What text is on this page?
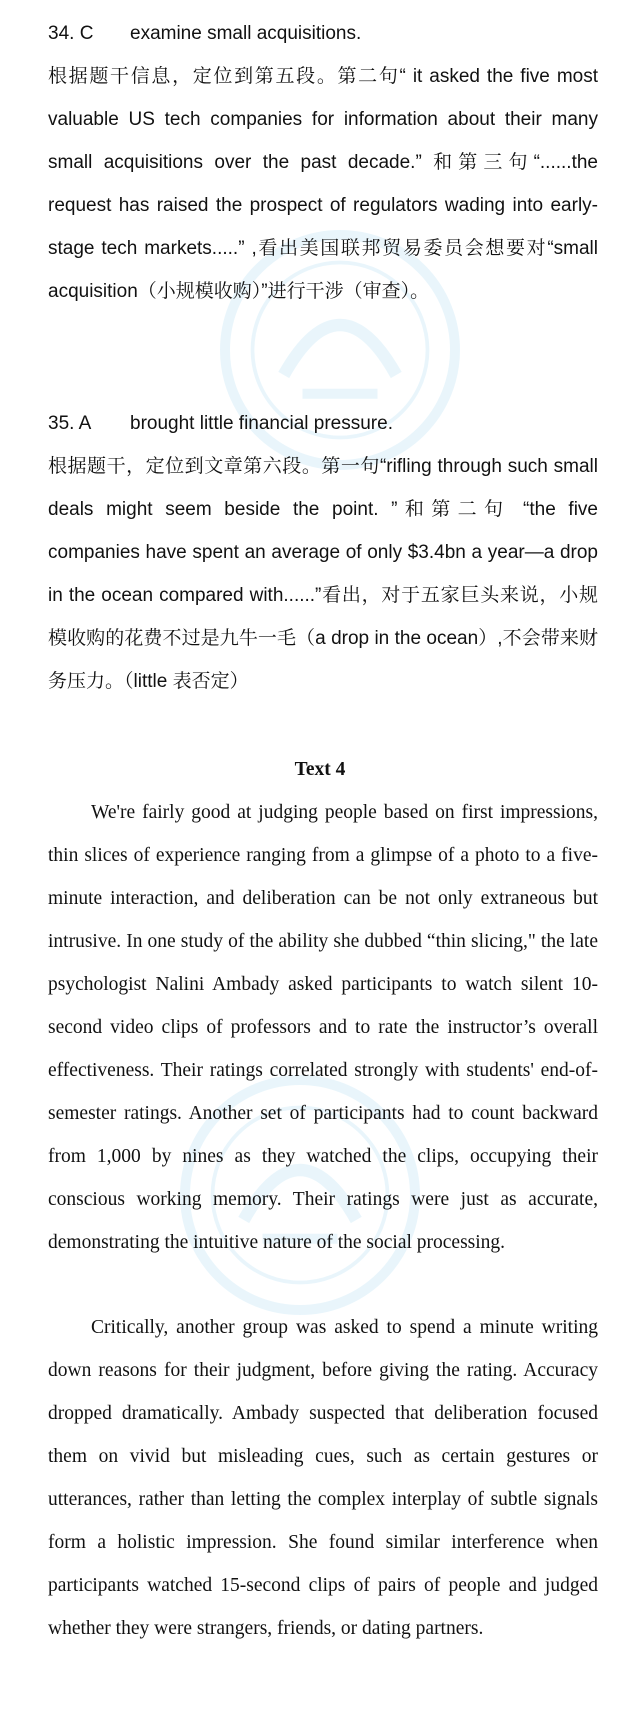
34. C examine small acquisitions.

根据题干信息，定位到第五段。第二句“ it asked the five most valuable US tech companies for information about their many small acquisitions over the past decade.” 和第三句“......the request has raised the prospect of regulators wading into early-stage tech markets.....” ,看出美国联邦贸易委员会想要对“small acquisition（小规模收购）”进行干涉（审查）。

35. A brought little financial pressure.

根据题干，定位到文章第六段。第一句“rifling through such small deals might seem beside the point. ”和第二句 “the five companies have spent an average of only $3.4bn a year—a drop in the ocean compared with......”看出，对于五家巨头来说，小规模收购的花费不过是九牛一毛（a drop in the ocean）,不会带来财务压力。（little 表否定）

Text 4

We're fairly good at judging people based on first impressions, thin slices of experience ranging from a glimpse of a photo to a five-minute interaction, and deliberation can be not only extraneous but intrusive. In one study of the ability she dubbed “thin slicing," the late psychologist Nalini Ambady asked participants to watch silent 10-second video clips of professors and to rate the instructor’s overall effectiveness. Their ratings correlated strongly with students' end-of-semester ratings. Another set of participants had to count backward from 1,000 by nines as they watched the clips, occupying their conscious working memory. Their ratings were just as accurate, demonstrating the intuitive nature of the social processing.

Critically, another group was asked to spend a minute writing down reasons for their judgment, before giving the rating. Accuracy dropped dramatically. Ambady suspected that deliberation focused them on vivid but misleading cues, such as certain gestures or utterances, rather than letting the complex interplay of subtle signals form a holistic impression. She found similar interference when participants watched 15-second clips of pairs of people and judged whether they were strangers, friends, or dating partners.
